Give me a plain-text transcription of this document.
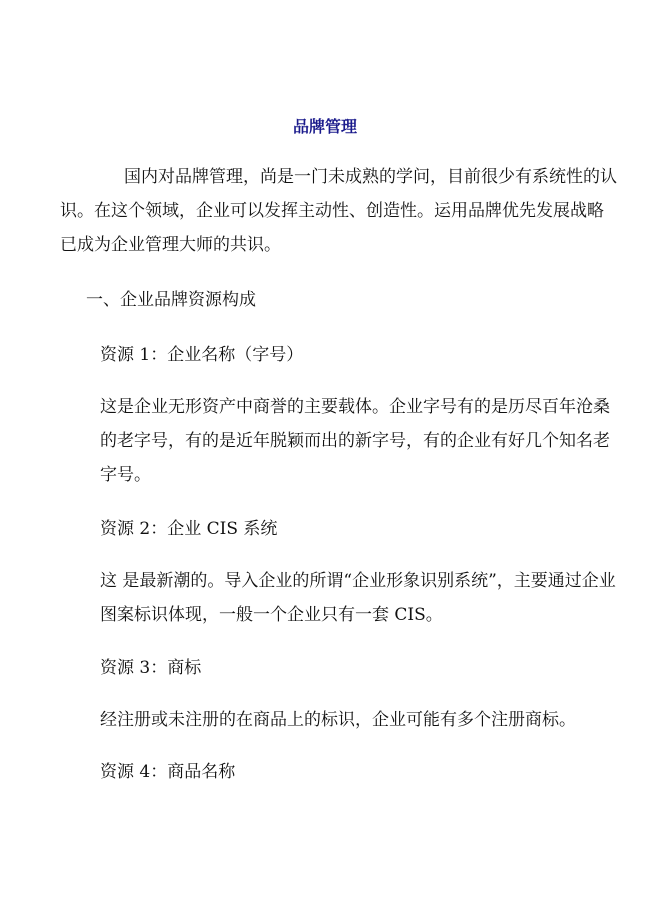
品牌管理

国内对品牌管理，尚是一门未成熟的学问，目前很少有系统性的认识。在这个领域，企业可以发挥主动性、创造性。运用品牌优先发展战略已成为企业管理大师的共识。

一、企业品牌资源构成

资源 1：企业名称（字号）

这是企业无形资产中商誉的主要载体。企业字号有的是历尽百年沧桑的老字号，有的是近年脱颖而出的新字号，有的企业有好几个知名老字号。

资源 2：企业 CIS 系统

这 是最新潮的。导入企业的所谓“企业形象识别系统”，主要通过企业图案标识体现，一般一个企业只有一套 CIS。

资源 3：商标

经注册或未注册的在商品上的标识，企业可能有多个注册商标。

资源 4：商品名称
